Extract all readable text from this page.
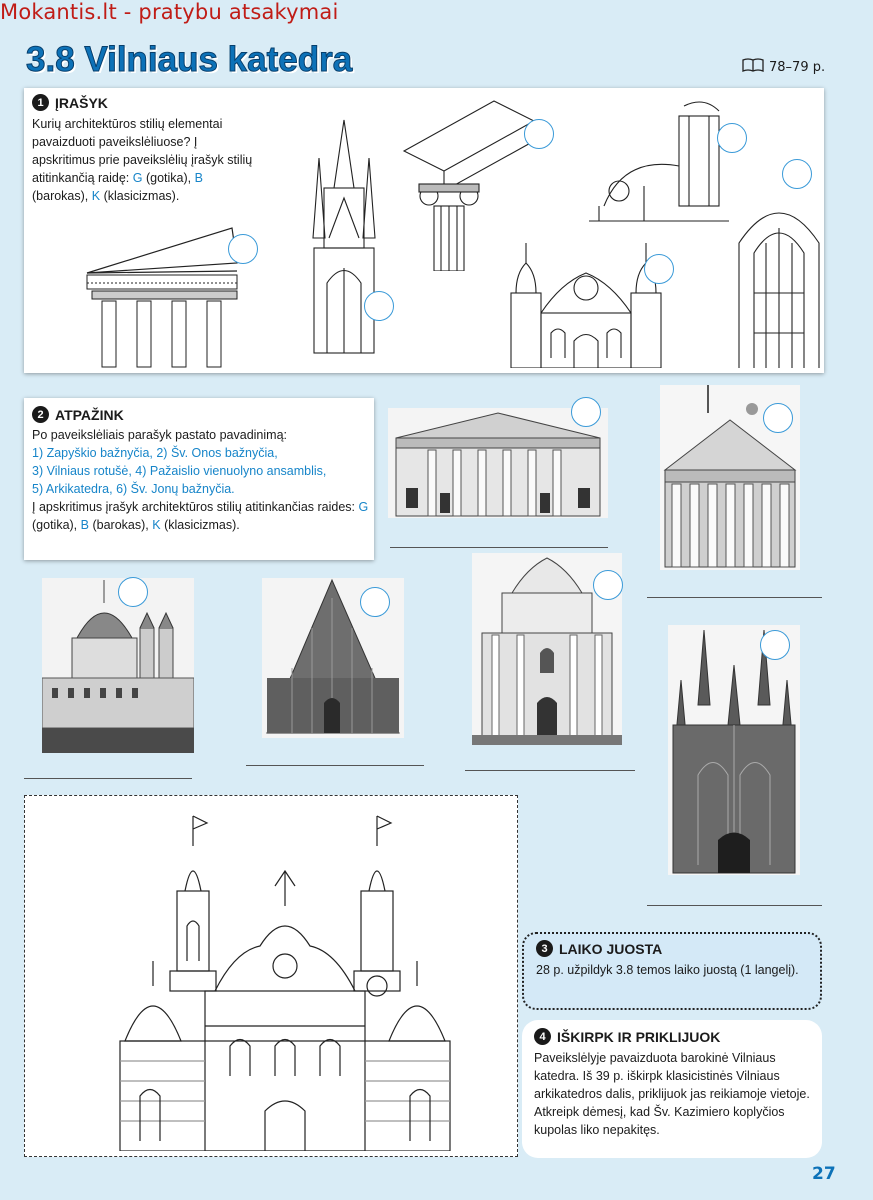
Mokantis.lt - pratybu atsakymai
3.8 Vilniaus katedra	78–79 p.
1 ĮRAŠYK
Kurių architektūros stilių elementai pavaizduoti paveikslėliuose? Į apskritimus prie paveikslėlių įrašyk stilių atitinkančią raidę: G (gotika), B (barokas), K (klasicizmas).
2 ATPAŽINK
Po paveikslėliais parašyk pastato pavadinimą:
1) Zapyškio bažnyčia, 2) Šv. Onos bažnyčia,
3) Vilniaus rotušė, 4) Pažaislio vienuolyno ansamblis,
5) Arkikatedra, 6) Šv. Jonų bažnyčia.
Į apskritimus įrašyk architektūros stilių atitinkančias raides: G (gotika), B (barokas), K (klasicizmas).
3 LAIKO JUOSTA
28 p. užpildyk 3.8 temos laiko juostą (1 langelį).
4 IŠKIRPK IR PRIKLIJUOK
Paveikslėlyje pavaizduota barokinė Vilniaus katedra. Iš 39 p. iškirpk klasicistinės Vilniaus arkikatedros dalis, priklijuok jas reikiamoje vietoje. Atkreipk dėmesį, kad Šv. Kazimiero koplyčios kupolas liko nepakitęs.
27
